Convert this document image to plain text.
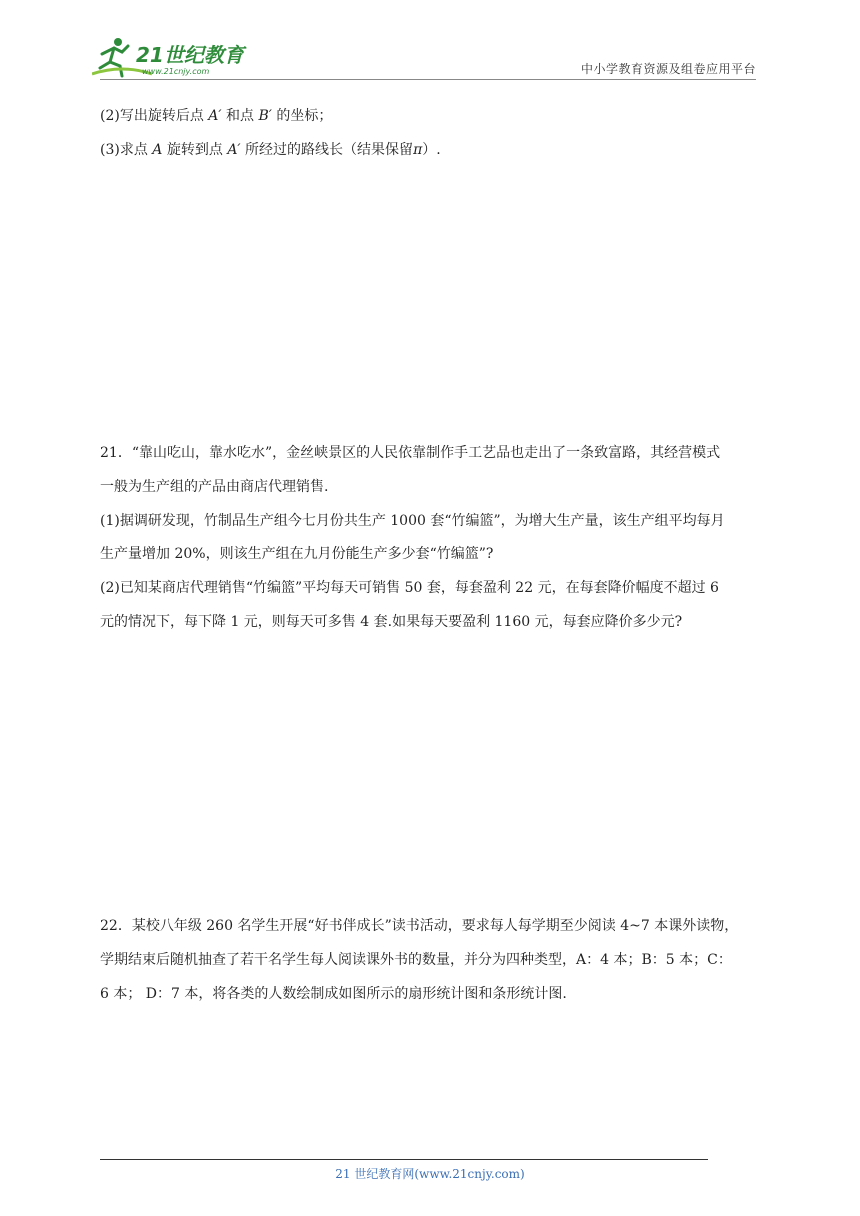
21世纪教育
www.21cnjy.com	中小学教育资源及组卷应用平台
(2)写出旋转后点 A′ 和点 B′ 的坐标；
(3)求点 A 旋转到点 A′ 所经过的路线长（结果保留π）.
21．“靠山吃山，靠水吃水”，金丝峡景区的人民依靠制作手工艺品也走出了一条致富路，其经营模式
一般为生产组的产品由商店代理销售.
(1)据调研发现，竹制品生产组今七月份共生产 1000 套“竹编篮”，为增大生产量，该生产组平均每月
生产量增加 20%，则该生产组在九月份能生产多少套“竹编篮”?
(2)已知某商店代理销售“竹编篮”平均每天可销售 50 套，每套盈利 22 元，在每套降价幅度不超过 6
元的情况下，每下降 1 元，则每天可多售 4 套.如果每天要盈利 1160 元，每套应降价多少元?
22．某校八年级 260 名学生开展“好书伴成长”读书活动，要求每人每学期至少阅读 4~7 本课外读物，
学期结束后随机抽查了若干名学生每人阅读课外书的数量，并分为四种类型，A：4 本；B：5 本；C：
6 本； D：7 本，将各类的人数绘制成如图所示的扇形统计图和条形统计图.
21 世纪教育网(www.21cnjy.com)
